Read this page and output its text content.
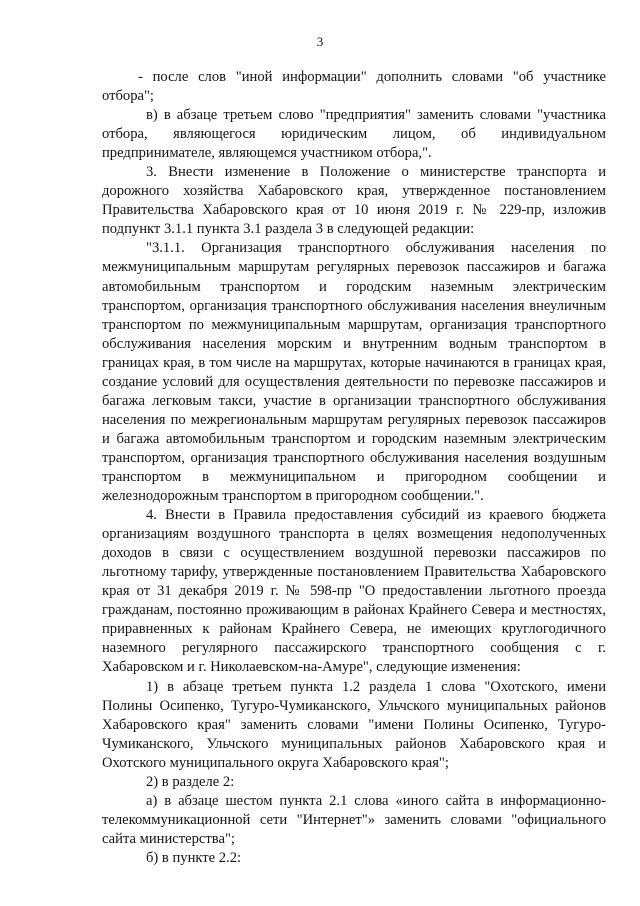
3

- после слов "иной информации" дополнить словами "об участнике отбора";

в) в абзаце третьем слово "предприятия" заменить словами "участника отбора, являющегося юридическим лицом, об индивидуальном предпринимателе, являющемся участником отбора,".

3. Внести изменение в Положение о министерстве транспорта и дорожного хозяйства Хабаровского края, утвержденное постановлением Правительства Хабаровского края от 10 июня 2019 г. № 229-пр, изложив подпункт 3.1.1 пункта 3.1 раздела 3 в следующей редакции:

"3.1.1. Организация транспортного обслуживания населения по межмуниципальным маршрутам регулярных перевозок пассажиров и багажа автомобильным транспортом и городским наземным электрическим транспортом, организация транспортного обслуживания населения внеуличным транспортом по межмуниципальным маршрутам, организация транспортного обслуживания населения морским и внутренним водным транспортом в границах края, в том числе на маршрутах, которые начинаются в границах края, создание условий для осуществления деятельности по перевозке пассажиров и багажа легковым такси, участие в организации транспортного обслуживания населения по межрегиональным маршрутам регулярных перевозок пассажиров и багажа автомобильным транспортом и городским наземным электрическим транспортом, организация транспортного обслуживания населения воздушным транспортом в межмуниципальном и пригородном сообщении и железнодорожным транспортом в пригородном сообщении.".

4. Внести в Правила предоставления субсидий из краевого бюджета организациям воздушного транспорта в целях возмещения недополученных доходов в связи с осуществлением воздушной перевозки пассажиров по льготному тарифу, утвержденные постановлением Правительства Хабаровского края от 31 декабря 2019 г. № 598-пр "О предоставлении льготного проезда гражданам, постоянно проживающим в районах Крайнего Севера и местностях, приравненных к районам Крайнего Севера, не имеющих круглогодичного наземного регулярного пассажирского транспортного сообщения с г. Хабаровском и г. Николаевском-на-Амуре", следующие изменения:

1) в абзаце третьем пункта 1.2 раздела 1 слова "Охотского, имени Полины Осипенко, Тугуро-Чумиканского, Ульчского муниципальных районов Хабаровского края" заменить словами "имени Полины Осипенко, Тугуро-Чумиканского, Ульчского муниципальных районов Хабаровского края и Охотского муниципального округа Хабаровского края";

2) в разделе 2:

а) в абзаце шестом пункта 2.1 слова «иного сайта в информационно-телекоммуникационной сети "Интернет"» заменить словами "официального сайта министерства";

б) в пункте 2.2:
